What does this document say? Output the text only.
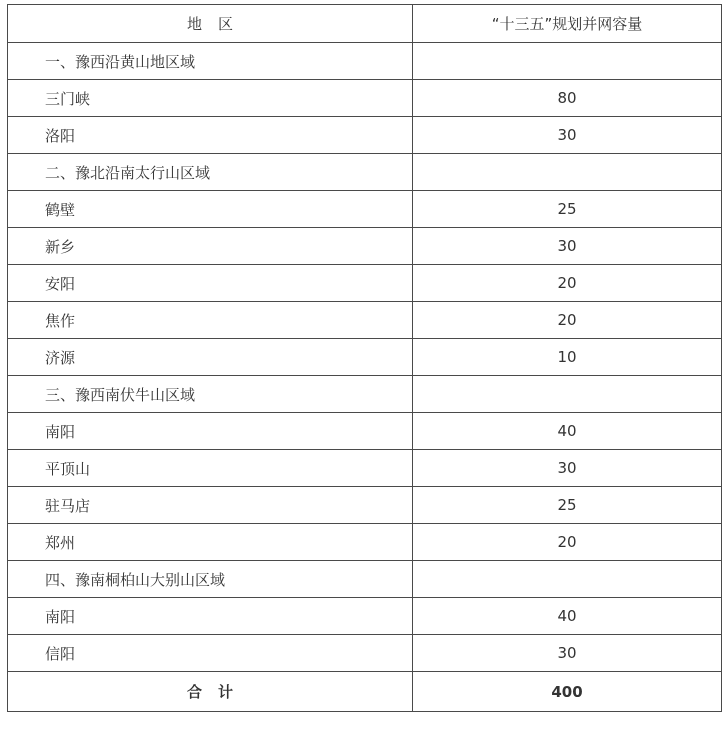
地区	“十三五”规划并网容量
一、豫西沿黄山地区域	
三门峡	80
洛阳	30
二、豫北沿南太行山区域	
鹤壁	25
新乡	30
安阳	20
焦作	20
济源	10
三、豫西南伏牛山区域	
南阳	40
平顶山	30
驻马店	25
郑州	20
四、豫南桐柏山大别山区域	
南阳	40
信阳	30
合计	400
